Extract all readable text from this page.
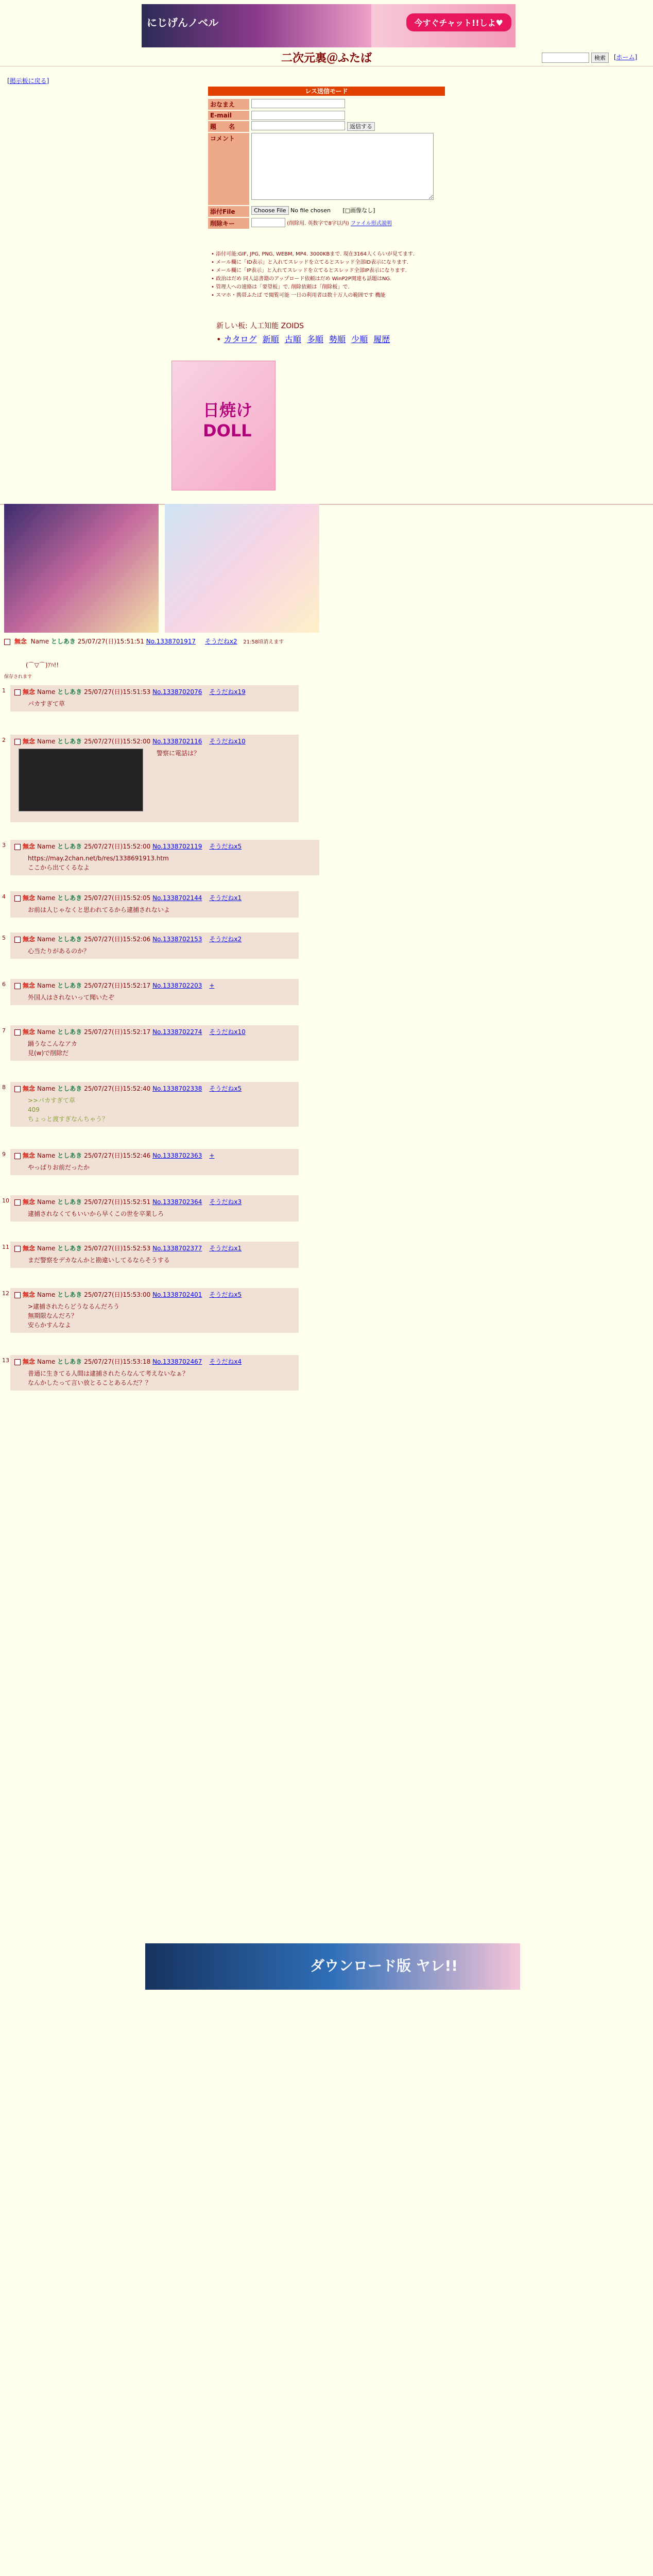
にじげんノベル	今すぐチャット!!しよ♥
二次元裏＠ふたば	検索	[ホーム]
[掲示板に戻る]
レス送信モード
おなまえ
E-mail
題　　名	返信する
コメント
添付File	Choose File No file chosen [□画像なし]
削除キー	(削除用. 英数字で8字以内) ファイル形式説明
• 添付可能:GIF, JPG, PNG, WEBM, MP4. 3000KBまで. 現在3164人くらいが見てます.
• メール欄に「ID表示」と入れてスレッドを立てるとスレッド全部ID表示になります.
• メール欄に「IP表示」と入れてスレッドを立てるとスレッド全部IP表示になります.
• 政治はだめ 同人誌書籍のアップロード依頼はだめ WinP2P関連も話題はNG.
• 管理人への連絡は「要望板」で. 削除依頼は「削除板」で.
• スマホ・携帯ふたば で閲覧可能 一日の利用者は数十万人の範囲です 機能
新しい板: 人工知能 ZOIDS
• カタログ 新順 古順 多順 勢順 少順 履歴
日焼け DOLL
無念 Name としあき 25/07/27(日)15:51:51 No.1338701917 そうだねx2 21:58頃消えます
(⌒▽⌒)ｱﾊ!!
保存されます
1	無念 Name としあき 25/07/27(日)15:51:53 No.1338702076 そうだねx19
パカすぎて草
2	無念 Name としあき 25/07/27(日)15:52:00 No.1338702116 そうだねx10
警察に電話は？
3	無念 Name としあき 25/07/27(日)15:52:00 No.1338702119 そうだねx5
https://may.2chan.net/b/res/1338691913.htm
ここから出てくるなよ
4	無念 Name としあき 25/07/27(日)15:52:05 No.1338702144 そうだねx1
お前は人じゃなくと思われてるから逮捕されないよ
5	無念 Name としあき 25/07/27(日)15:52:06 No.1338702153 そうだねx2
心当たりがあるのか？
6	無念 Name としあき 25/07/27(日)15:52:17 No.1338702203 +
外国人はされないって聞いたぞ
7	無念 Name としあき 25/07/27(日)15:52:17 No.1338702274 そうだねx10
踊うなこんなアカ
見(w)で削除だ
8	無念 Name としあき 25/07/27(日)15:52:40 No.1338702338 そうだねx5
>>パカすぎて草
409
ちょっと渡すぎなんちゃう？
9	無念 Name としあき 25/07/27(日)15:52:46 No.1338702363 +
やっぱりお前だったか
10	無念 Name としあき 25/07/27(日)15:52:51 No.1338702364 そうだねx3
逮捕されなくてもいいから早くこの世を卒業しろ
11	無念 Name としあき 25/07/27(日)15:52:53 No.1338702377 そうだねx1
まだ警察をデカなんかと勘違いしてるならそうする
12	無念 Name としあき 25/07/27(日)15:53:00 No.1338702401 そうだねx5
>逮捕されたらどうなるんだろう
無期限なんだろ？
安らかすんなよ
13	無念 Name としあき 25/07/27(日)15:53:18 No.1338702467 そうだねx4
普通に生きてる人間は逮捕されたらなんて考えないなぁ？
なんかしたって言い放とることあるんだ？？
ダウンロード版 ヤレ!!
